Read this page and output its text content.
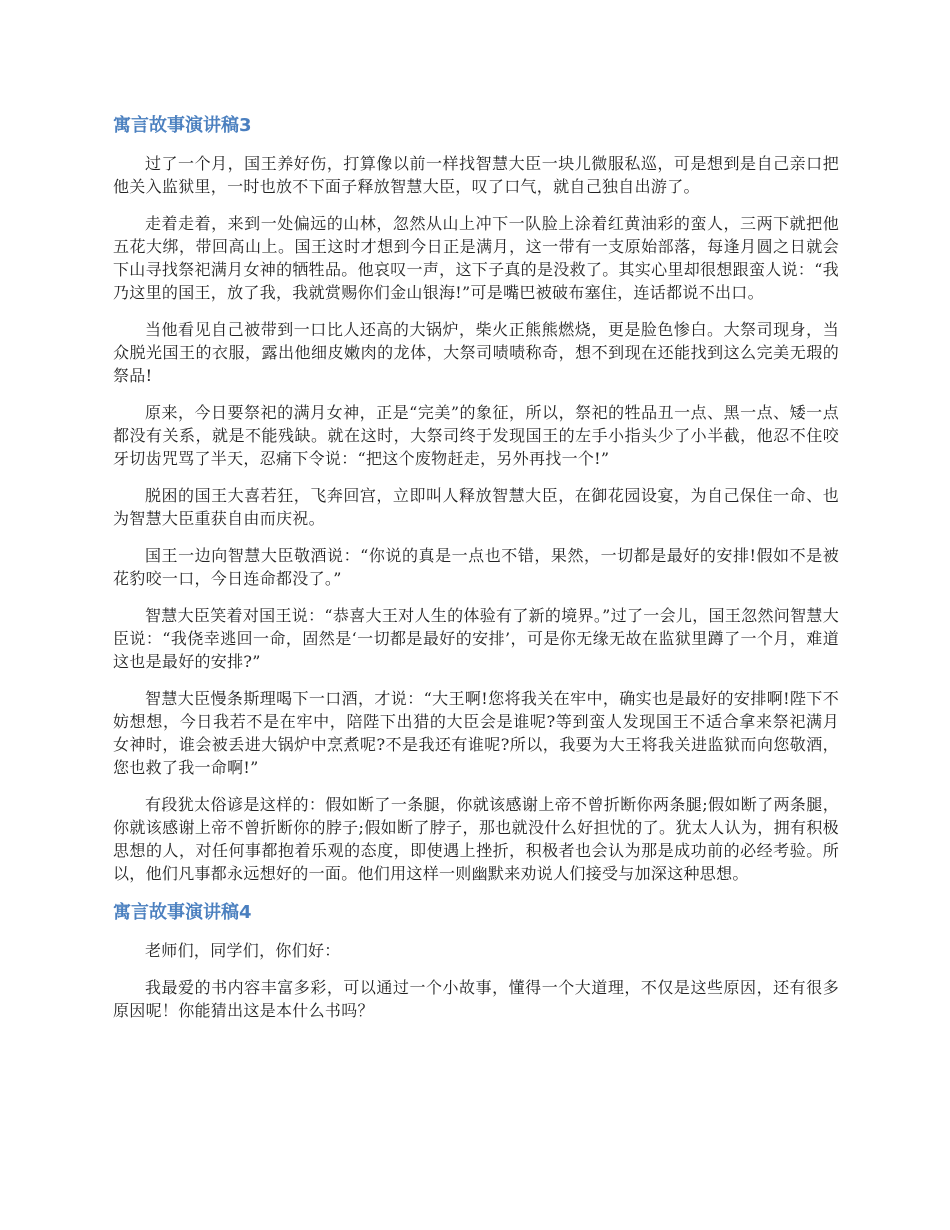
寓言故事演讲稿3

过了一个月，国王养好伤，打算像以前一样找智慧大臣一块儿微服私巡，可是想到是自己亲口把他关入监狱里，一时也放不下面子释放智慧大臣，叹了口气，就自己独自出游了。

走着走着，来到一处偏远的山林，忽然从山上冲下一队脸上涂着红黄油彩的蛮人，三两下就把他五花大绑，带回高山上。国王这时才想到今日正是满月，这一带有一支原始部落，每逢月圆之日就会下山寻找祭祀满月女神的牺牲品。他哀叹一声，这下子真的是没救了。其实心里却很想跟蛮人说：“我乃这里的国王，放了我，我就赏赐你们金山银海!”可是嘴巴被破布塞住，连话都说不出口。

当他看见自己被带到一口比人还高的大锅炉，柴火正熊熊燃烧，更是脸色惨白。大祭司现身，当众脱光国王的衣服，露出他细皮嫩肉的龙体，大祭司啧啧称奇，想不到现在还能找到这么完美无瑕的祭品!

原来，今日要祭祀的满月女神，正是“完美”的象征，所以，祭祀的牲品丑一点、黑一点、矮一点都没有关系，就是不能残缺。就在这时，大祭司终于发现国王的左手小指头少了小半截，他忍不住咬牙切齿咒骂了半天，忍痛下令说：“把这个废物赶走，另外再找一个!”

脱困的国王大喜若狂，飞奔回宫，立即叫人释放智慧大臣，在御花园设宴，为自己保住一命、也为智慧大臣重获自由而庆祝。

国王一边向智慧大臣敬酒说：“你说的真是一点也不错，果然，一切都是最好的安排!假如不是被花豹咬一口，今日连命都没了。”

智慧大臣笑着对国王说：“恭喜大王对人生的体验有了新的境界。”过了一会儿，国王忽然问智慧大臣说：“我侥幸逃回一命，固然是‘一切都是最好的安排’，可是你无缘无故在监狱里蹲了一个月，难道这也是最好的安排?”

智慧大臣慢条斯理喝下一口酒，才说：“大王啊!您将我关在牢中，确实也是最好的安排啊!陛下不妨想想，今日我若不是在牢中，陪陛下出猎的大臣会是谁呢?等到蛮人发现国王不适合拿来祭祀满月女神时，谁会被丢进大锅炉中烹煮呢?不是我还有谁呢?所以，我要为大王将我关进监狱而向您敬酒，您也救了我一命啊!”

有段犹太俗谚是这样的：假如断了一条腿，你就该感谢上帝不曾折断你两条腿;假如断了两条腿，你就该感谢上帝不曾折断你的脖子;假如断了脖子，那也就没什么好担忧的了。犹太人认为，拥有积极思想的人，对任何事都抱着乐观的态度，即使遇上挫折，积极者也会认为那是成功前的必经考验。所以，他们凡事都永远想好的一面。他们用这样一则幽默来劝说人们接受与加深这种思想。

寓言故事演讲稿4

老师们，同学们，你们好：

我最爱的书内容丰富多彩，可以通过一个小故事，懂得一个大道理，不仅是这些原因，还有很多原因呢！你能猜出这是本什么书吗？
